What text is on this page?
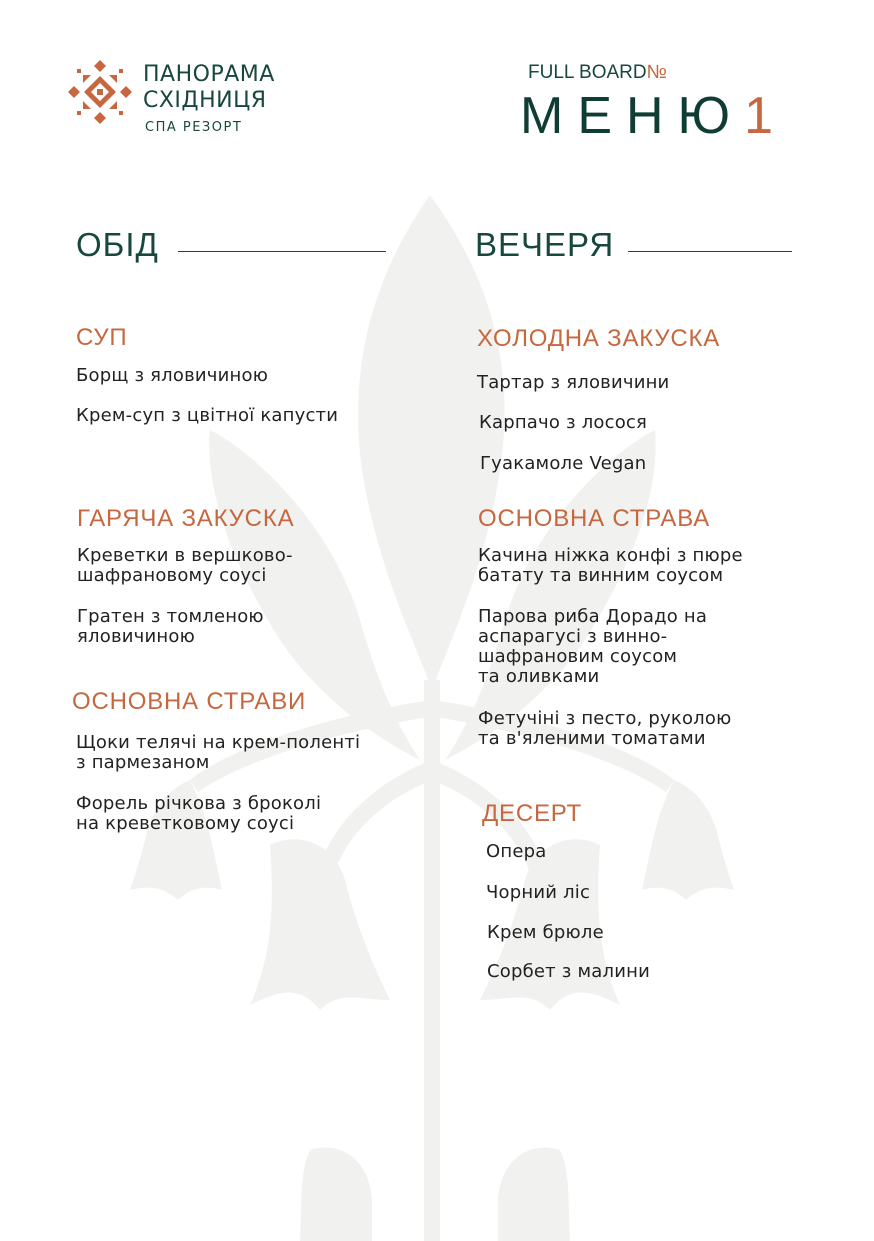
ПАНОРАМА
СХІДНИЦЯ
СПА РЕЗОРТ
FULL BOARD№
МЕНЮ1
ОБІД
СУП
Борщ з яловичиною
Крем-суп з цвітної капусти
ГАРЯЧА ЗАКУСКА
Креветки в вершково-
шафрановому соусі
Гратен з томленою
яловичиною
ОСНОВНА СТРАВИ
Щоки телячі на крем-поленті
з пармезаном
Форель річкова з броколі
на креветковому соусі
ВЕЧЕРЯ
ХОЛОДНА ЗАКУСКА
Тартар з яловичини
Карпачо з лосося
Гуакамоле Vegan
ОСНОВНА СТРАВА
Качина ніжка конфі з пюре
батату та винним соусом
Парова риба Дорадо на
аспарагусі з винно-
шафрановим соусом
та оливками
Фетучіні з песто, руколою
та в'яленими томатами
ДЕСЕРТ
Опера
Чорний ліс
Крем брюле
Сорбет з малини
